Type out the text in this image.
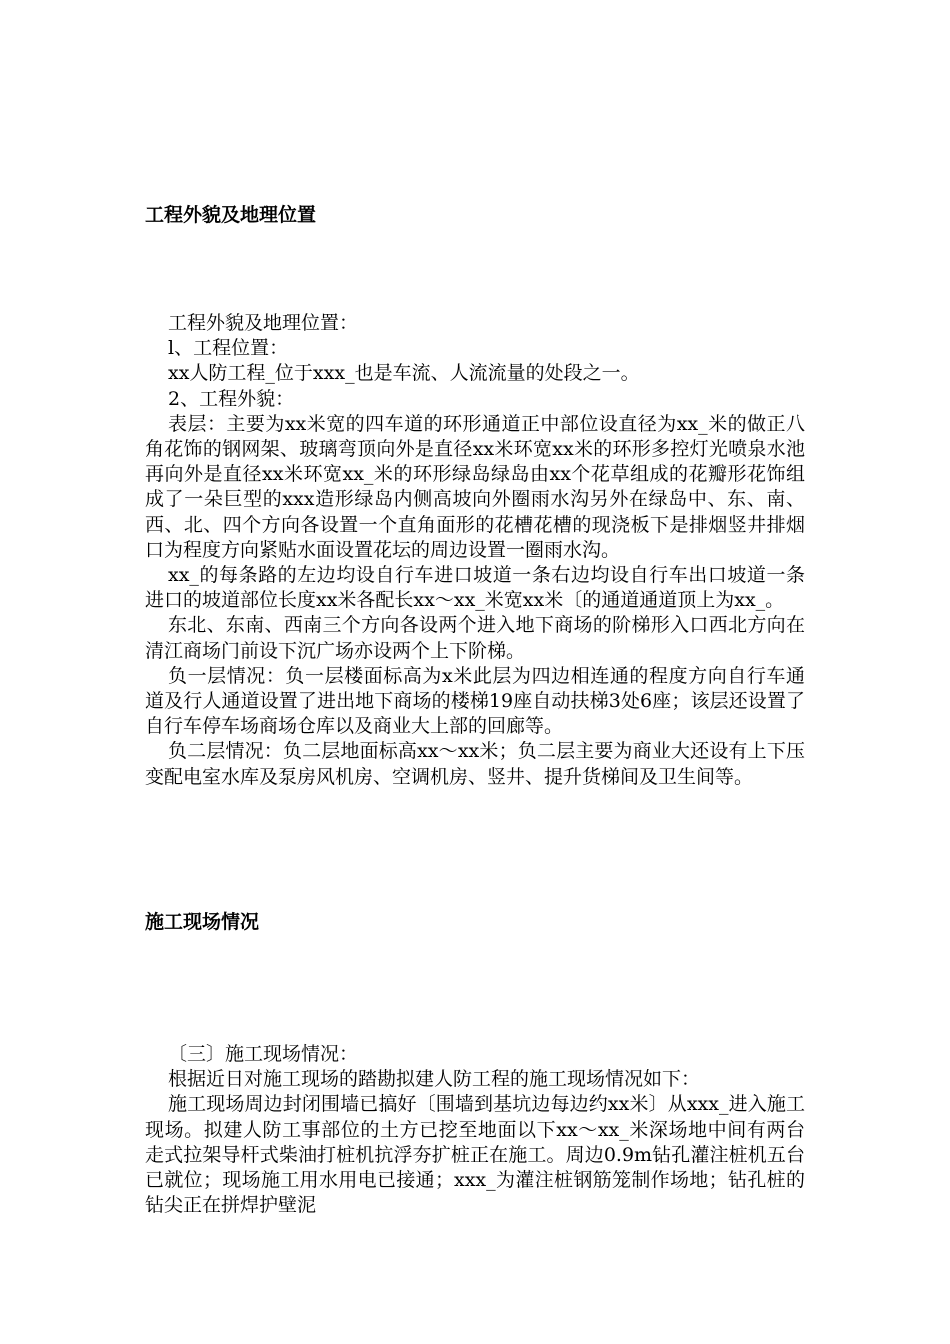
工程外貌及地理位置

工程外貌及地理位置：

l、工程位置：

xx人防工程_位于xxx_也是车流、人流流量的处段之一。

2、工程外貌：

表层：主要为xx米宽的四车道的环形通道正中部位设直径为xx_米的做正八角花饰的钢网架、玻璃弯顶向外是直径xx米环宽xx米的环形多控灯光喷泉水池再向外是直径xx米环宽xx_米的环形绿岛绿岛由xx个花草组成的花瓣形花饰组成了一朵巨型的xxx造形绿岛内侧高坡向外圈雨水沟另外在绿岛中、东、南、西、北、四个方向各设置一个直角面形的花槽花槽的现浇板下是排烟竖井排烟口为程度方向紧贴水面设置花坛的周边设置一圈雨水沟。

xx_的每条路的左边均设自行车进口坡道一条右边均设自行车出口坡道一条进口的坡道部位长度xx米各配长xx～xx_米宽xx米〔的通道通道顶上为xx_。

东北、东南、西南三个方向各设两个进入地下商场的阶梯形入口西北方向在清江商场门前设下沉广场亦设两个上下阶梯。

负一层情况：负一层楼面标高为x米此层为四边相连通的程度方向自行车通道及行人通道设置了进出地下商场的楼梯19座自动扶梯3处6座；该层还设置了自行车停车场商场仓库以及商业大上部的回廊等。

负二层情况：负二层地面标高xx～xx米；负二层主要为商业大还设有上下压变配电室水库及泵房风机房、空调机房、竖井、提升货梯间及卫生间等。

施工现场情况

〔三〕施工现场情况：

根据近日对施工现场的踏勘拟建人防工程的施工现场情况如下：

施工现场周边封闭围墙已搞好〔围墙到基坑边每边约xx米〕从xxx_进入施工现场。拟建人防工事部位的土方已挖至地面以下xx～xx_米深场地中间有两台走式拉架导杆式柴油打桩机抗浮夯扩桩正在施工。周边0.9m钻孔灌注桩机五台已就位；现场施工用水用电已接通；xxx_为灌注桩钢筋笼制作场地；钻孔桩的钻尖正在拼焊护壁泥
